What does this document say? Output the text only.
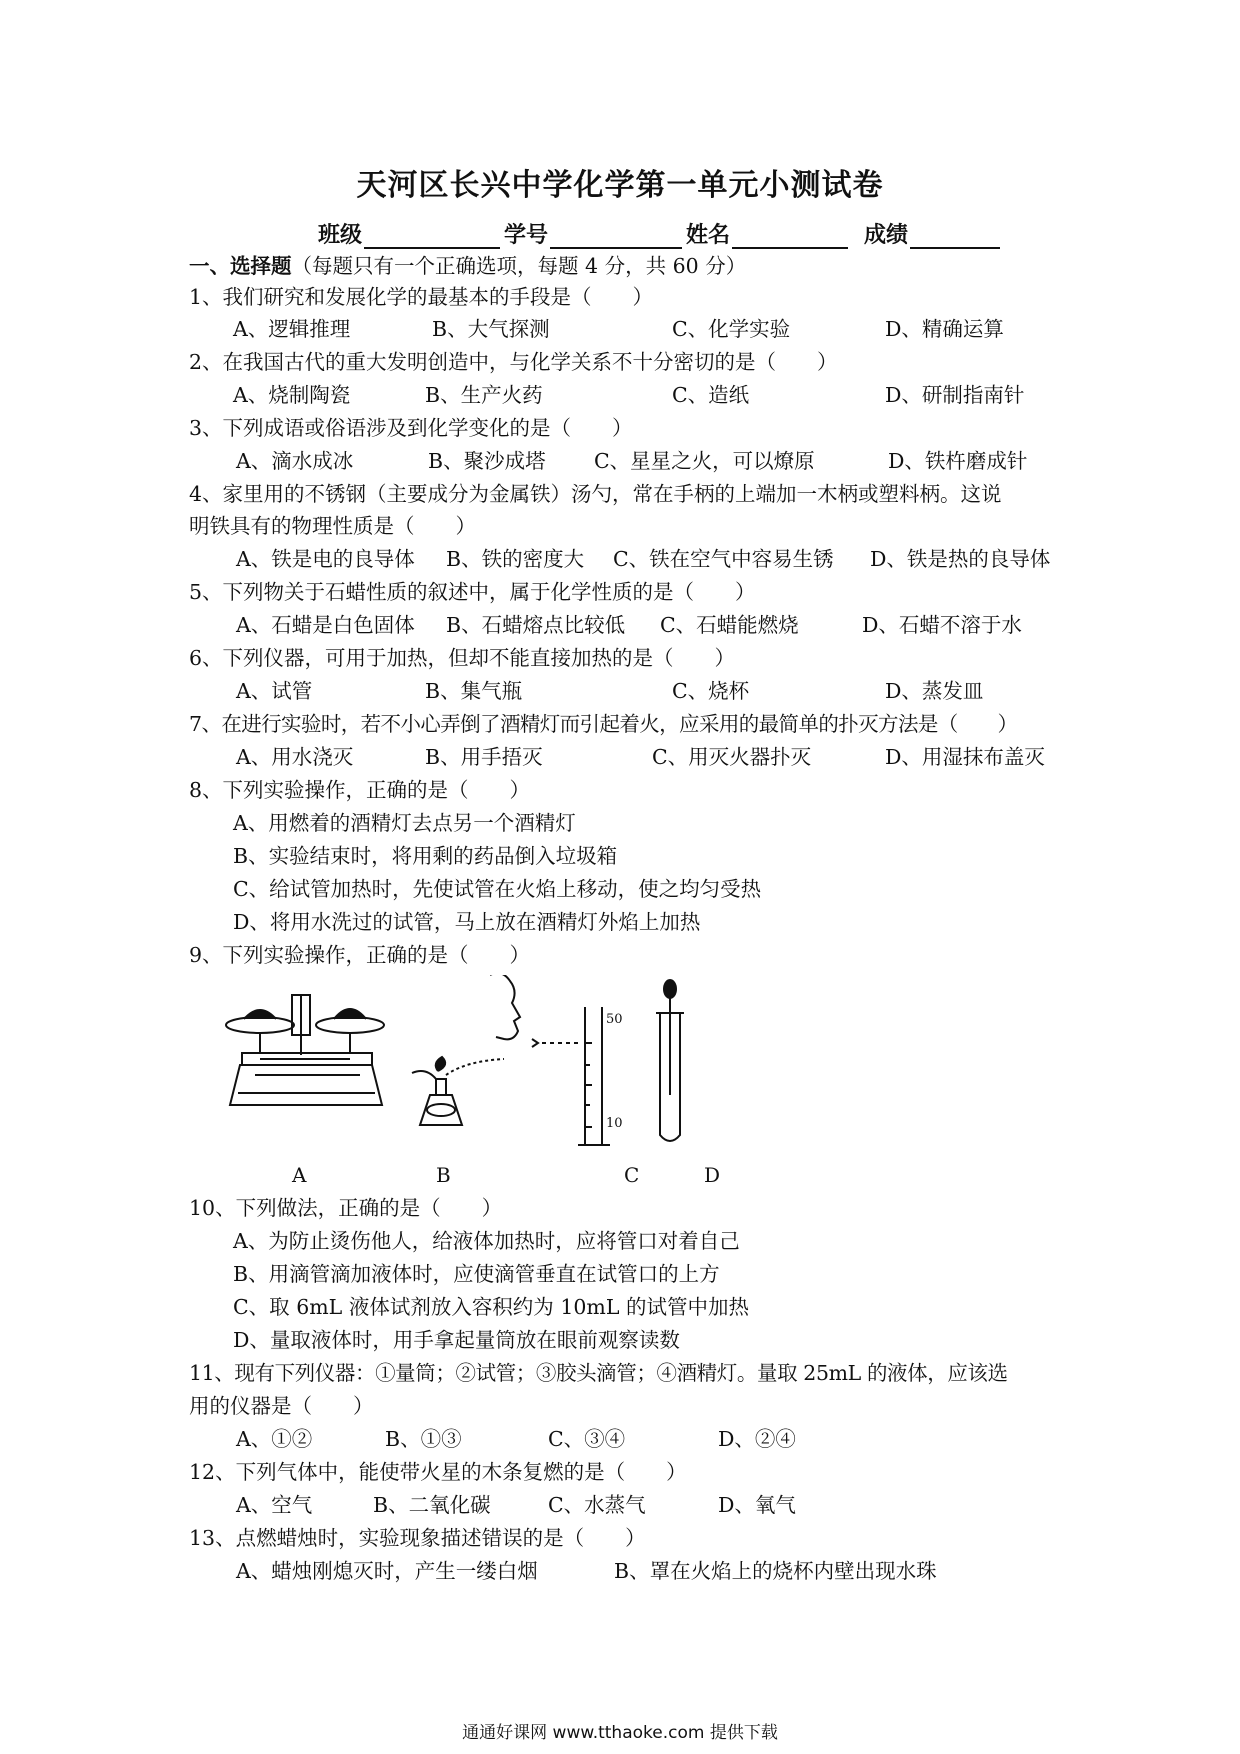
天河区长兴中学化学第一单元小测试卷
班级	学号	姓名	成绩
一、选择题（每题只有一个正确选项，每题 4 分，共 60 分）
1、我们研究和发展化学的最基本的手段是（　　）
A、逻辑推理	B、大气探测	C、化学实验	D、精确运算
2、在我国古代的重大发明创造中，与化学关系不十分密切的是（　　）
A、烧制陶瓷	B、生产火药	C、造纸	D、研制指南针
3、下列成语或俗语涉及到化学变化的是（　　）
A、滴水成冰	B、聚沙成塔 C、星星之火，可以燎原	D、铁杵磨成针
4、家里用的不锈钢（主要成分为金属铁）汤勺，常在手柄的上端加一木柄或塑料柄。这说
明铁具有的物理性质是（　　）
A、铁是电的良导体 B、铁的密度大 C、铁在空气中容易生锈 D、铁是热的良导体
5、下列物关于石蜡性质的叙述中，属于化学性质的是（　　）
A、石蜡是白色固体 B、石蜡熔点比较低 C、石蜡能燃烧	D、石蜡不溶于水
6、下列仪器，可用于加热，但却不能直接加热的是（　　）
A、试管	B、集气瓶	C、烧杯	D、蒸发皿
7、在进行实验时，若不小心弄倒了酒精灯而引起着火，应采用的最简单的扑灭方法是（　　）
A、用水浇灭	B、用手捂灭	C、用灭火器扑灭	D、用湿抹布盖灭
8、下列实验操作，正确的是（　　）
A、用燃着的酒精灯去点另一个酒精灯
B、实验结束时，将用剩的药品倒入垃圾箱
C、给试管加热时，先使试管在火焰上移动，使之均匀受热
D、将用水洗过的试管，马上放在酒精灯外焰上加热
9、下列实验操作，正确的是（　　）
50
10
A	B	C	D
10、下列做法，正确的是（　　）
A、为防止烫伤他人，给液体加热时，应将管口对着自己
B、用滴管滴加液体时，应使滴管垂直在试管口的上方
C、取 6mL 液体试剂放入容积约为 10mL 的试管中加热
D、量取液体时，用手拿起量筒放在眼前观察读数
11、现有下列仪器：①量筒；②试管；③胶头滴管；④酒精灯。量取 25mL 的液体，应该选
用的仪器是（　　）
A、①②	B、①③	C、③④	D、②④
12、下列气体中，能使带火星的木条复燃的是（　　）
A、空气	B、二氧化碳	C、水蒸气	D、氧气
13、点燃蜡烛时，实验现象描述错误的是（　　）
A、蜡烛刚熄灭时，产生一缕白烟	B、罩在火焰上的烧杯内壁出现水珠
通通好课网 www.tthaoke.com 提供下载
